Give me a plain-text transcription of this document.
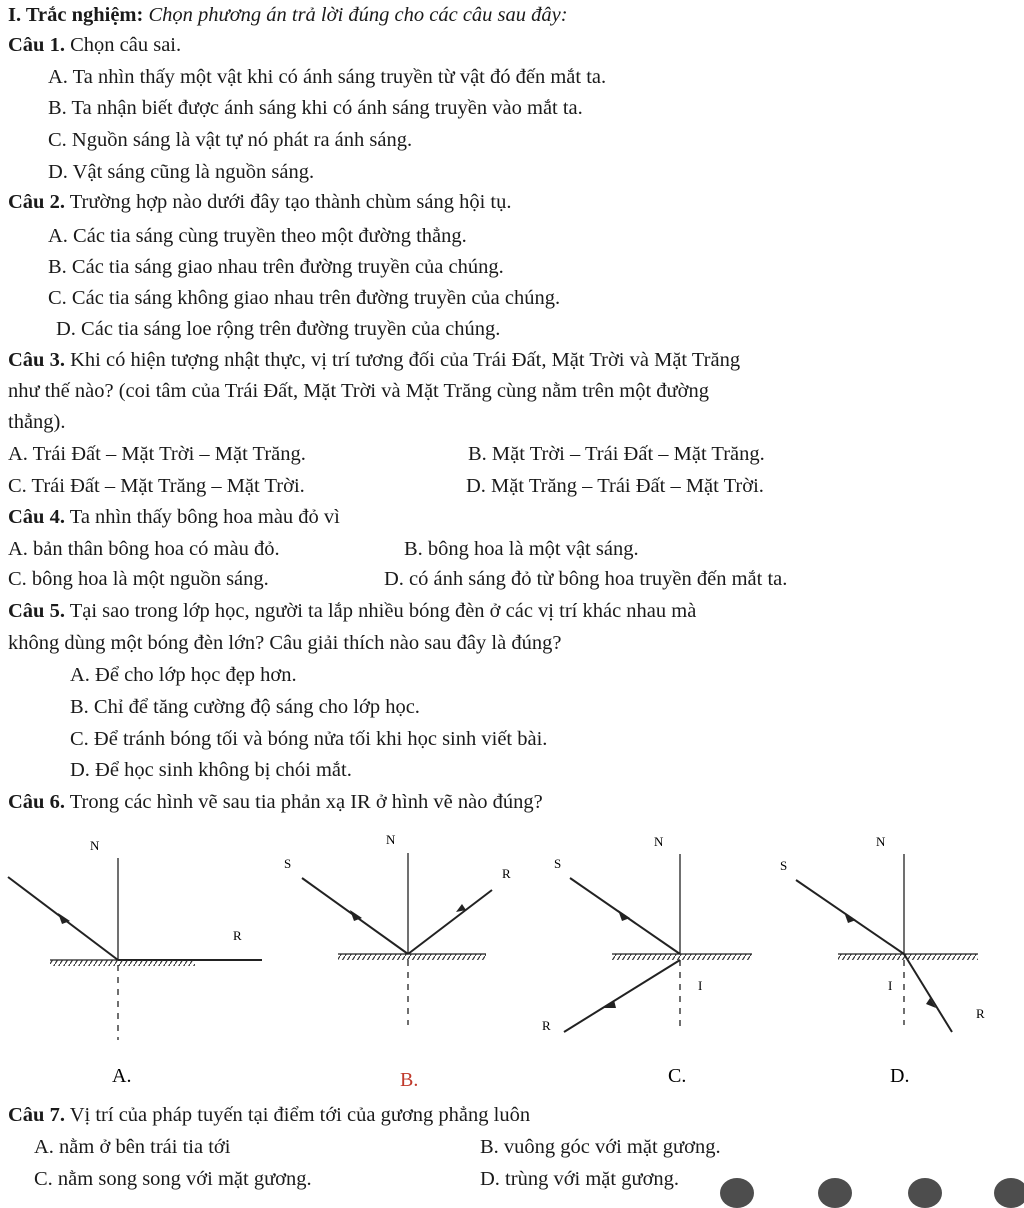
I. Trắc nghiệm: Chọn phương án trả lời đúng cho các câu sau đây:
Câu 1. Chọn câu sai.
A. Ta nhìn thấy một vật khi có ánh sáng truyền từ vật đó đến mắt ta.
B. Ta nhận biết được ánh sáng khi có ánh sáng truyền vào mắt ta.
C. Nguồn sáng là vật tự nó phát ra ánh sáng.
D. Vật sáng cũng là nguồn sáng.
Câu 2. Trường hợp nào dưới đây tạo thành chùm sáng hội tụ.
A. Các tia sáng cùng truyền theo một đường thẳng.
B. Các tia sáng giao nhau trên đường truyền của chúng.
C. Các tia sáng không giao nhau trên đường truyền của chúng.
D. Các tia sáng loe rộng trên đường truyền của chúng.
Câu 3. Khi có hiện tượng nhật thực, vị trí tương đối của Trái Đất, Mặt Trời và Mặt Trăng
như thế nào? (coi tâm của Trái Đất, Mặt Trời và Mặt Trăng cùng nằm trên một đường
thẳng).
A. Trái Đất – Mặt Trời – Mặt Trăng.	B. Mặt Trời – Trái Đất – Mặt Trăng.
C. Trái Đất – Mặt Trăng – Mặt Trời.	D. Mặt Trăng – Trái Đất – Mặt Trời.
Câu 4. Ta nhìn thấy bông hoa màu đỏ vì
A. bản thân bông hoa có màu đỏ.	B. bông hoa là một vật sáng.
C. bông hoa là một nguồn sáng.	D. có ánh sáng đỏ từ bông hoa truyền đến mắt ta.
Câu 5. Tại sao trong lớp học, người ta lắp nhiều bóng đèn ở các vị trí khác nhau mà
không dùng một bóng đèn lớn? Câu giải thích nào sau đây là đúng?
A. Để cho lớp học đẹp hơn.
B. Chỉ để tăng cường độ sáng cho lớp học.
C. Để tránh bóng tối và bóng nửa tối khi học sinh viết bài.
D. Để học sinh không bị chói mắt.
Câu 6. Trong các hình vẽ sau tia phản xạ IR ở hình vẽ nào đúng?
N
R
A.
N
S
R
B.
N
S
I
R
C.
N
S
I
R
D.
Câu 7. Vị trí của pháp tuyến tại điểm tới của gương phẳng luôn
A. nằm ở bên trái tia tới	B. vuông góc với mặt gương.
C. nằm song song với mặt gương.	D. trùng với mặt gương.
